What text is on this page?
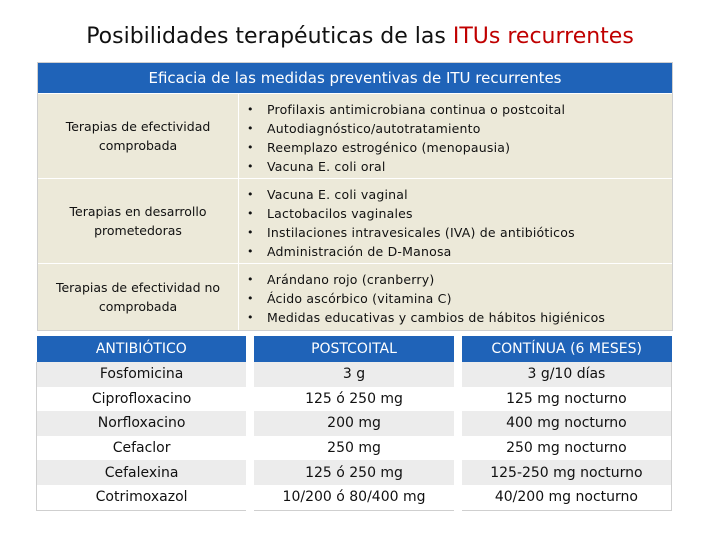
Posibilidades terapéuticas de las ITUs recurrentes
Eficacia de las medidas preventivas de ITU recurrentes
Terapias de efectividad comprobada
• Profilaxis antimicrobiana continua o postcoital
• Autodiagnóstico/autotratamiento
• Reemplazo estrogénico (menopausia)
• Vacuna E. coli oral
Terapias en desarrollo prometedoras
• Vacuna E. coli vaginal
• Lactobacilos vaginales
• Instilaciones intravesicales (IVA) de antibióticos
• Administración de D-Manosa
Terapias de efectividad no comprobada
• Arándano rojo (cranberry)
• Ácido ascórbico (vitamina C)
• Medidas educativas y cambios de hábitos higiénicos
ANTIBIÓTICO		POSTCOITAL		CONTÍNUA (6 MESES)
Fosfomicina		3 g		3 g/10 días
Ciprofloxacino		125 ó 250 mg		125 mg nocturno
Norfloxacino		200 mg		400 mg nocturno
Cefaclor		250 mg		250 mg nocturno
Cefalexina		125 ó 250 mg		125-250 mg nocturno
Cotrimoxazol		10/200 ó 80/400 mg		40/200 mg nocturno
